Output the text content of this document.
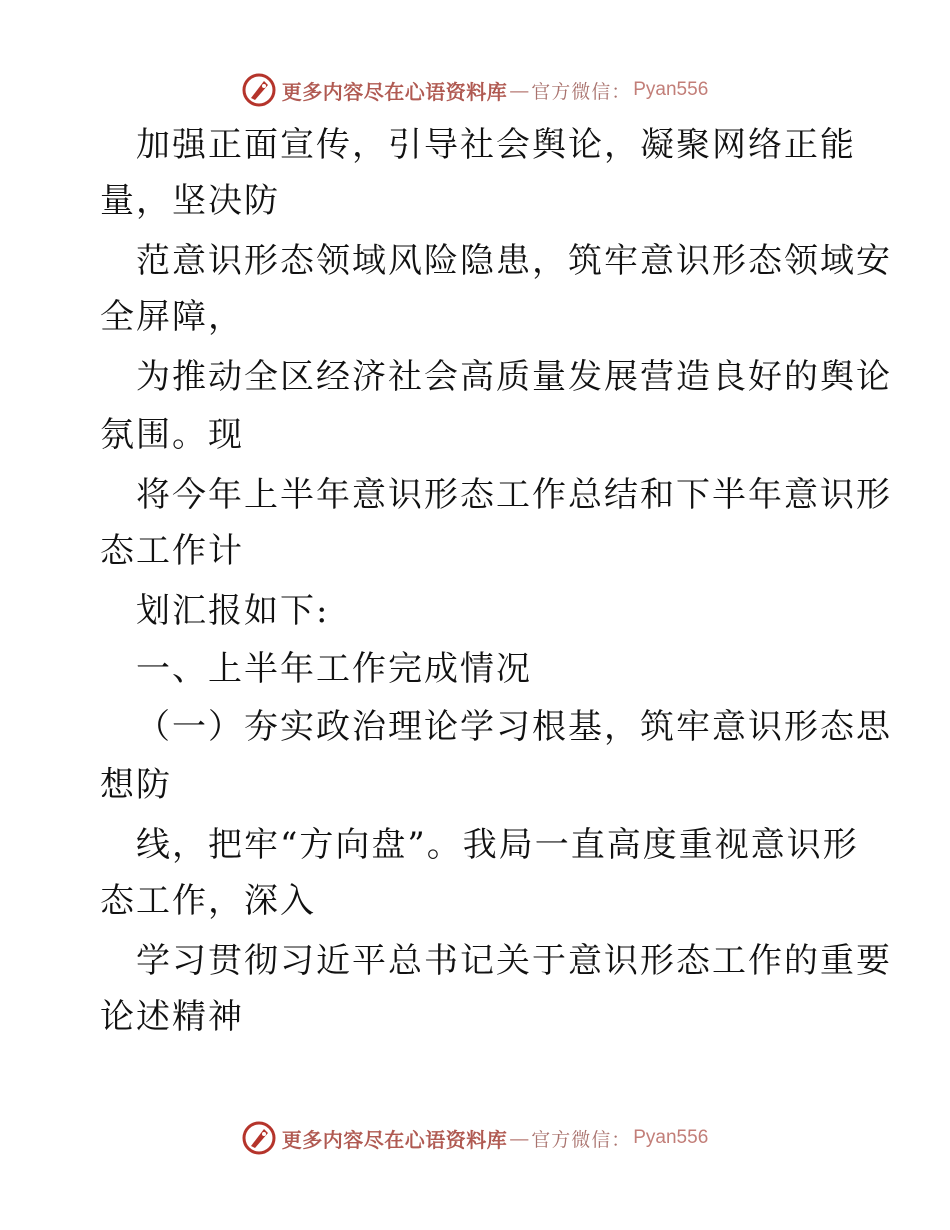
更多内容尽在心语资料库 — 官方微信： Pyan556
加强正面宣传，引导社会舆论，凝聚网络正能
量，坚决防
范意识形态领域风险隐患，筑牢意识形态领域安
全屏障，
为推动全区经济社会高质量发展营造良好的舆论
氛围。现
将今年上半年意识形态工作总结和下半年意识形
态工作计
划汇报如下:
一、上半年工作完成情况
（一）夯实政治理论学习根基，筑牢意识形态思
想防
线，把牢“方向盘”。我局一直高度重视意识形
态工作，深入
学习贯彻习近平总书记关于意识形态工作的重要
论述精神
更多内容尽在心语资料库 — 官方微信： Pyan556
